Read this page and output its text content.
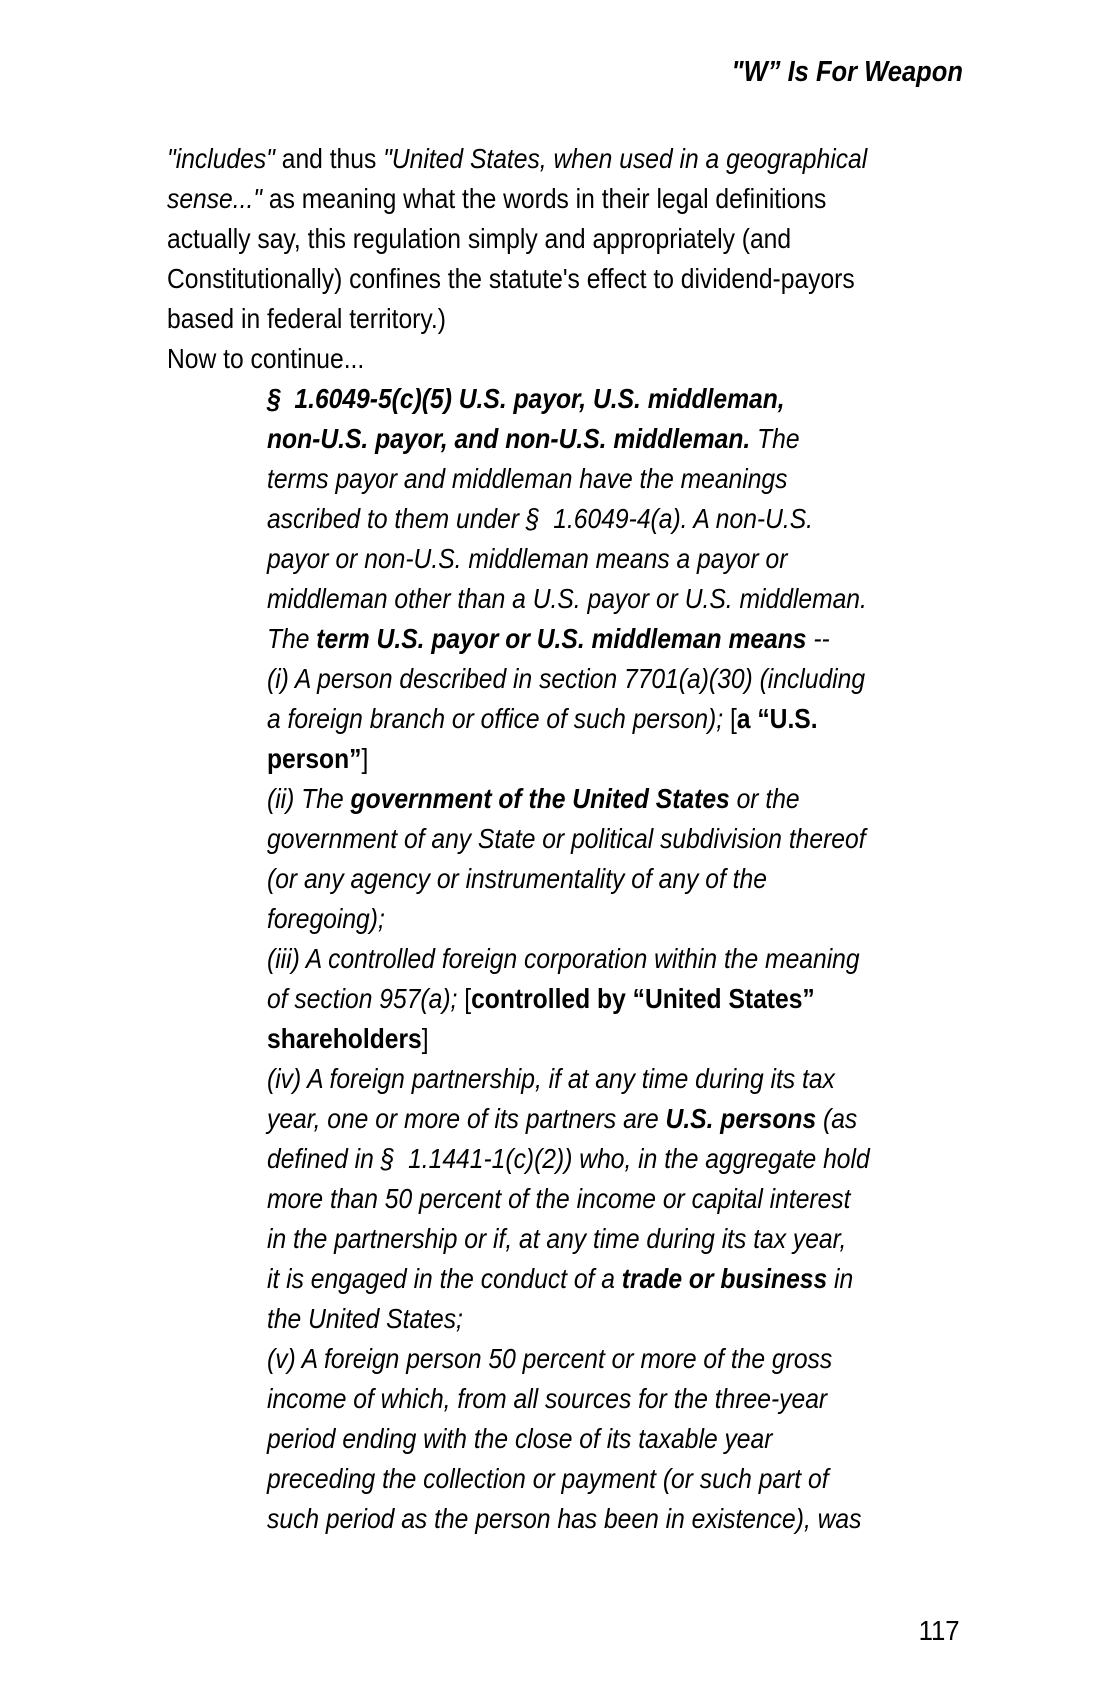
"W” Is For Weapon
"includes" and thus "United States, when used in a geographical
sense..." as meaning what the words in their legal definitions
actually say, this regulation simply and appropriately (and
Constitutionally) confines the statute's effect to dividend-payors
based in federal territory.)
Now to continue...
§  1.6049-5(c)(5) U.S. payor, U.S. middleman,
non-U.S. payor, and non-U.S. middleman. The
terms payor and middleman have the meanings
ascribed to them under §  1.6049-4(a). A non-U.S.
payor or non-U.S. middleman means a payor or
middleman other than a U.S. payor or U.S. middleman.
The term U.S. payor or U.S. middleman means --
(i) A person described in section 7701(a)(30) (including
a foreign branch or office of such person); [a “U.S.
person”]
(ii) The government of the United States or the
government of any State or political subdivision thereof
(or any agency or instrumentality of any of the
foregoing);
(iii) A controlled foreign corporation within the meaning
of section 957(a); [controlled by “United States”
shareholders]
(iv) A foreign partnership, if at any time during its tax
year, one or more of its partners are U.S. persons (as
defined in §  1.1441-1(c)(2)) who, in the aggregate hold
more than 50 percent of the income or capital interest
in the partnership or if, at any time during its tax year,
it is engaged in the conduct of a trade or business in
the United States;
(v) A foreign person 50 percent or more of the gross
income of which, from all sources for the three-year
period ending with the close of its taxable year
preceding the collection or payment (or such part of
such period as the person has been in existence), was
117
